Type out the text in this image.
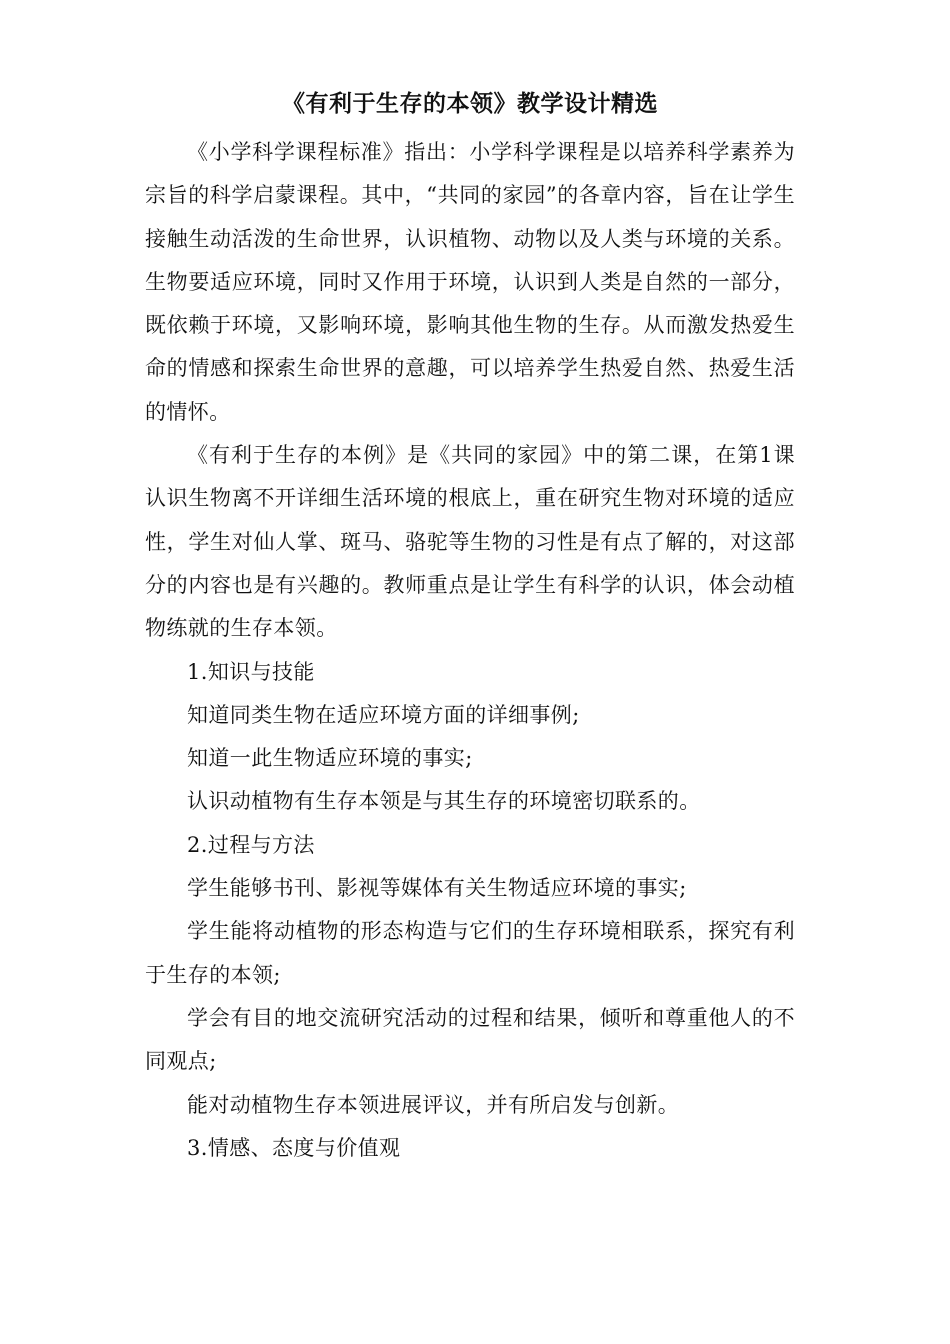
《有利于生存的本领》教学设计精选

《小学科学课程标准》指出：小学科学课程是以培养科学素养为宗旨的科学启蒙课程。其中，“共同的家园”的各章内容，旨在让学生接触生动活泼的生命世界，认识植物、动物以及人类与环境的关系。生物要适应环境，同时又作用于环境，认识到人类是自然的一部分，既依赖于环境，又影响环境，影响其他生物的生存。从而激发热爱生命的情感和探索生命世界的意趣，可以培养学生热爱自然、热爱生活的情怀。

《有利于生存的本例》是《共同的家园》中的第二课，在第1课认识生物离不开详细生活环境的根底上，重在研究生物对环境的适应性，学生对仙人掌、斑马、骆驼等生物的习性是有点了解的，对这部分的内容也是有兴趣的。教师重点是让学生有科学的认识，体会动植物练就的生存本领。

1.知识与技能

知道同类生物在适应环境方面的详细事例;

知道一此生物适应环境的事实;

认识动植物有生存本领是与其生存的环境密切联系的。

2.过程与方法

学生能够书刊、影视等媒体有关生物适应环境的事实;

学生能将动植物的形态构造与它们的生存环境相联系，探究有利于生存的本领;

学会有目的地交流研究活动的过程和结果，倾听和尊重他人的不同观点;

能对动植物生存本领进展评议，并有所启发与创新。

3.情感、态度与价值观
